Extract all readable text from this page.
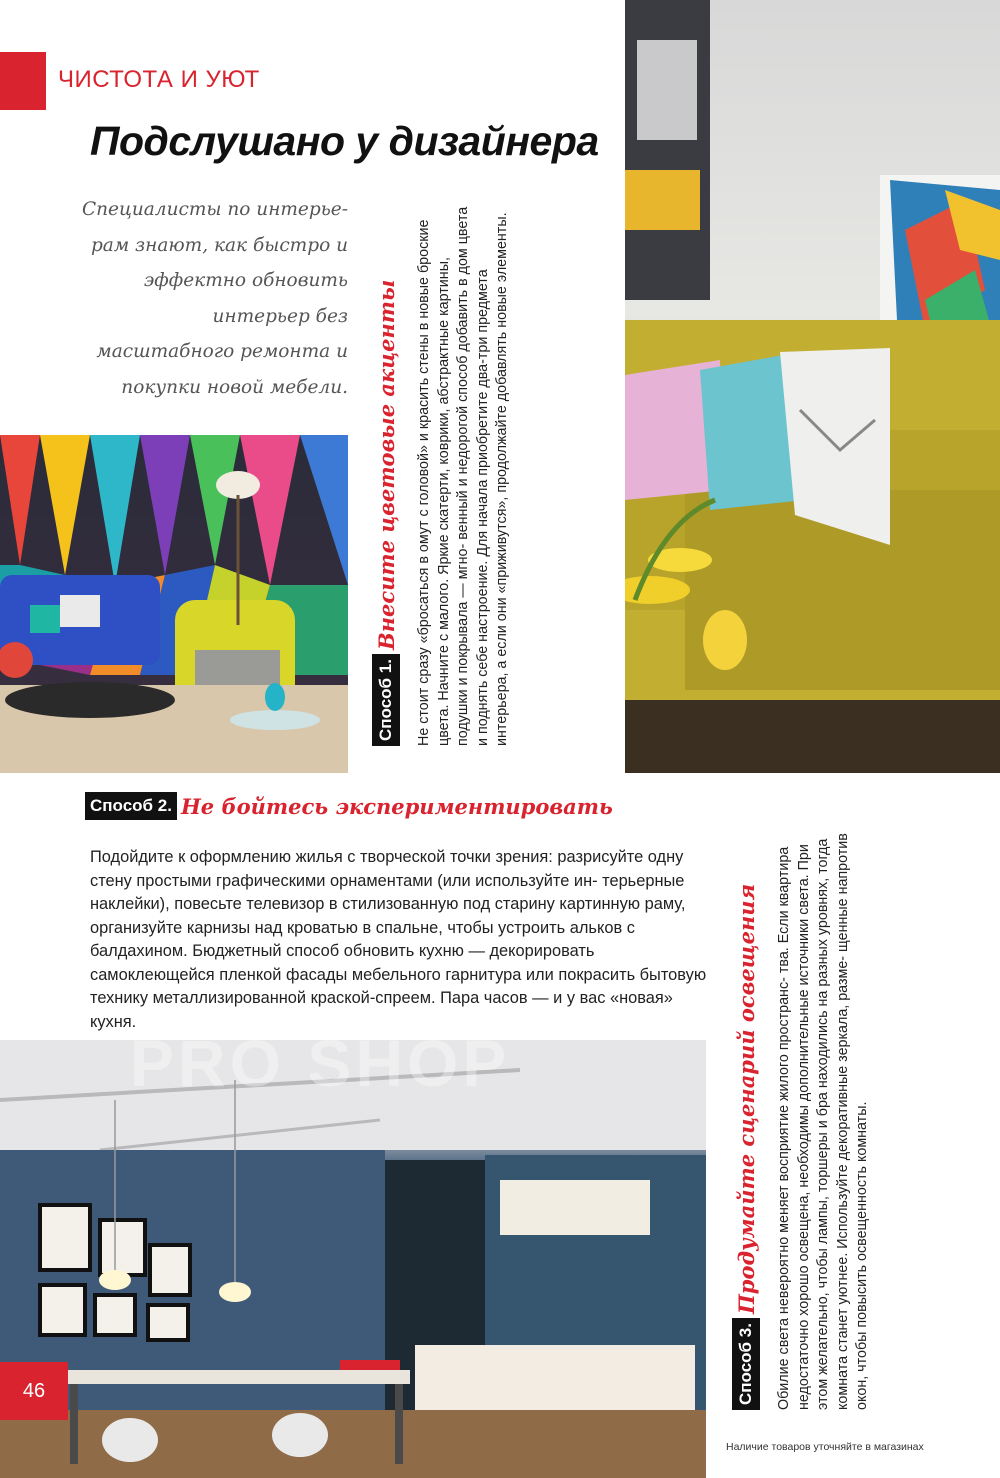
ЧИСТОТА И УЮТ
Подслушано у дизайнера
Специалисты по интерье- рам знают, как быстро и эффектно обновить интерьер без масштабного ремонта и покупки новой мебели.
Способ 1.
Внесите цветовые акценты Не стоит сразу «бросаться в омут с головой» и красить стены в новые броские цвета. Начните с малого. Яркие скатерти, коврики, абстрактные картины, подушки и покрывала — мгно- венный и недорогой способ добавить в дом цвета и поднять себе настроение. Для начала приобретите два-три предмета интерьера, а если они «приживутся», продолжайте добавлять новые элементы.
Способ 2. Не бойтесь экспериментировать
Подойдите к оформлению жилья с творческой точки зрения: разрисуйте одну стену простыми графическими орнаментами (или используйте ин- терьерные наклейки), повесьте телевизор в стилизованную под старину картинную раму, организуйте карнизы над кроватью в спальне, чтобы устроить альков с балдахином. Бюджетный способ обновить кухню — декорировать самоклеющейся пленкой фасады мебельного гарнитура или покрасить бытовую технику металлизированной краской-спреем. Пара часов — и у вас «новая» кухня.
PRO SHOP
Способ 3.
Продумайте сценарий освещения Обилие света невероятно меняет восприятие жилого пространс- тва. Если квартира недостаточно хорошо освещена, необходимы дополнительные источники света. При этом желательно, чтобы лампы, торшеры и бра находились на разных уровнях, тогда комната станет уютнее. Используйте декоративные зеркала, разме- щенные напротив окон, чтобы повысить освещенность комнаты.
46
Наличие товаров уточняйте в магазинах
